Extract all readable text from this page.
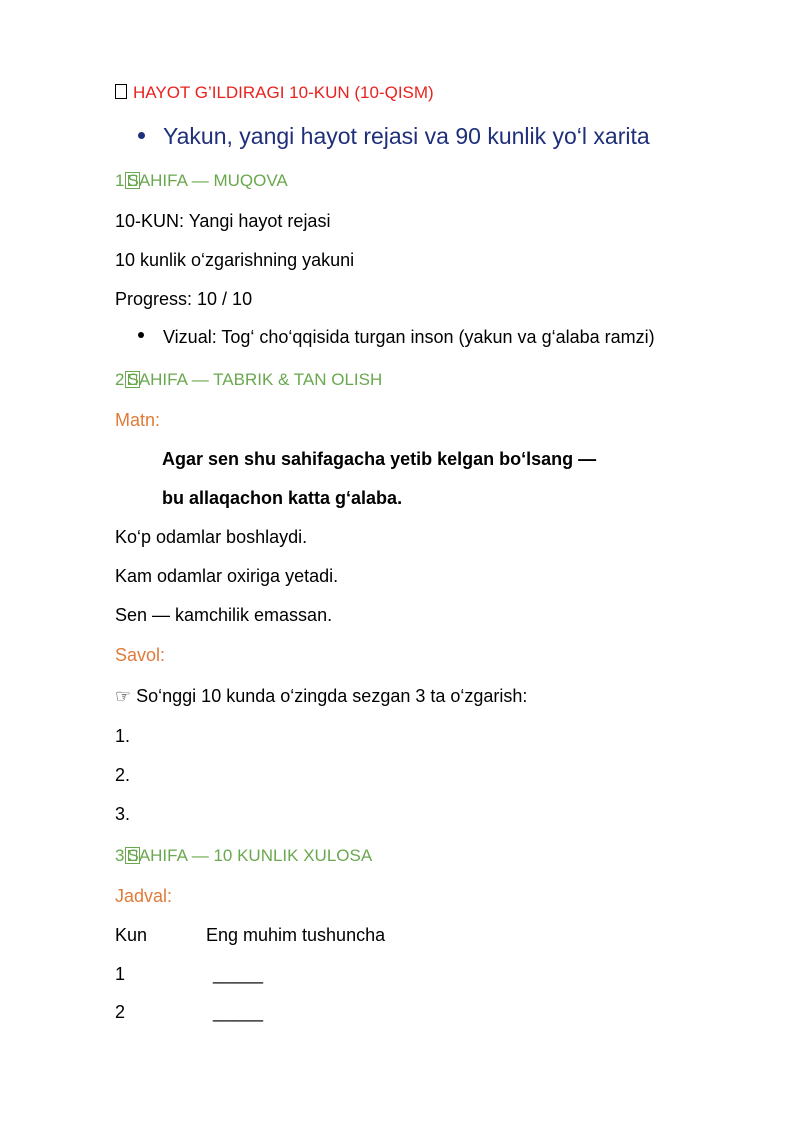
HAYOT G’ILDIRAGI 10-KUN (10-QISM)
Yakun, yangi hayot rejasi va 90 kunlik yo‘l xarita
1 SAHIFA — MUQOVA
10-KUN: Yangi hayot rejasi
10 kunlik o‘zgarishning yakuni
Progress: 10 / 10
Vizual: Tog‘ cho‘qqisida turgan inson (yakun va g‘alaba ramzi)
2 SAHIFA — TABRIK & TAN OLISH
Matn:
Agar sen shu sahifagacha yetib kelgan bo‘lsang —
bu allaqachon katta g‘alaba.
Ko‘p odamlar boshlaydi.
Kam odamlar oxiriga yetadi.
Sen — kamchilik emassan.
Savol:
☞ So‘nggi 10 kunda o‘zingda sezgan 3 ta o‘zgarish:
1.
2.
3.
3 SAHIFA — 10 KUNLIK XULOSA
Jadval:
Kun	Eng muhim tushuncha
1	_____
2	_____
